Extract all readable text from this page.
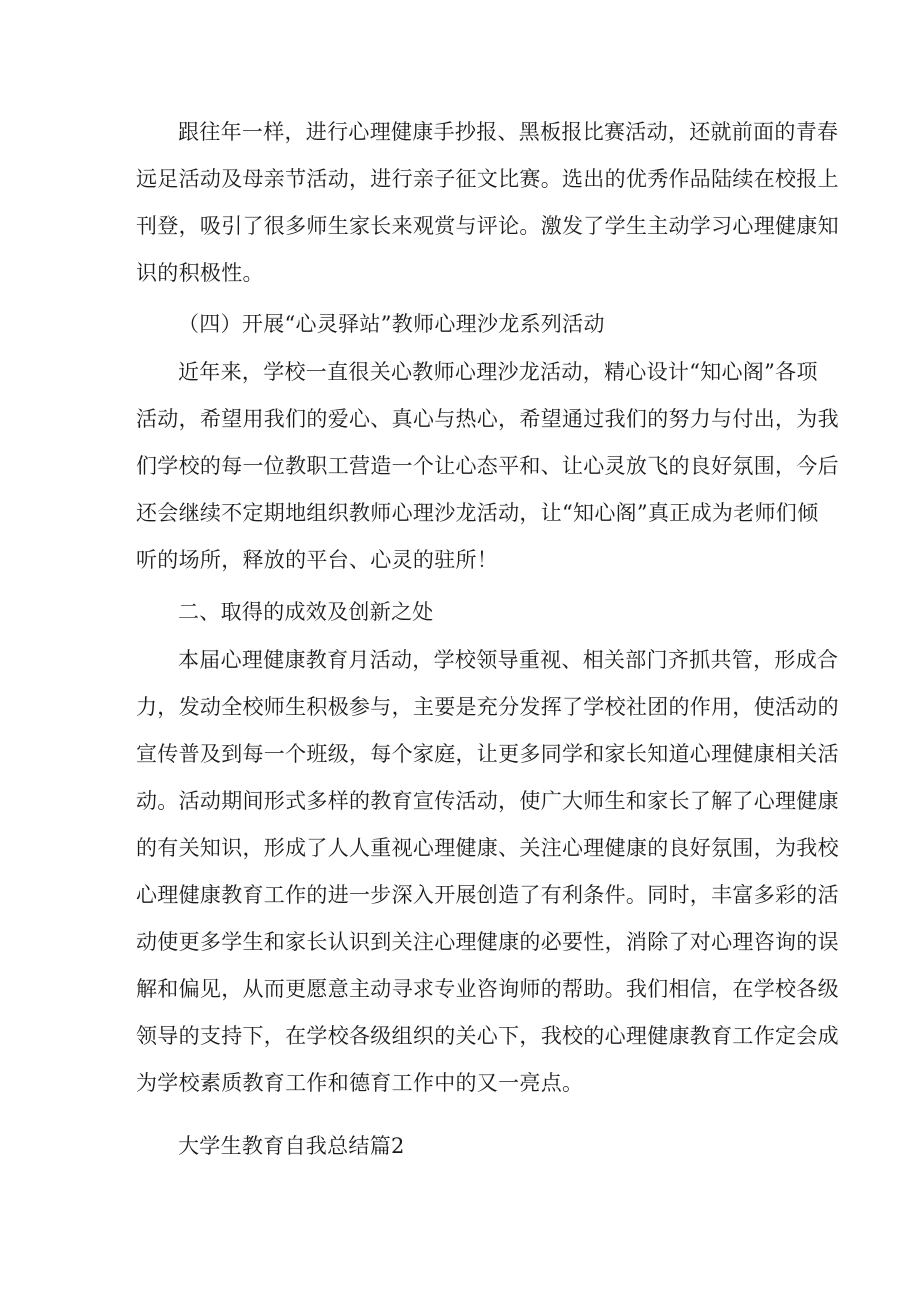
跟往年一样，进行心理健康手抄报、黑板报比赛活动，还就前面的青春
远足活动及母亲节活动，进行亲子征文比赛。选出的优秀作品陆续在校报上
刊登，吸引了很多师生家长来观赏与评论。激发了学生主动学习心理健康知
识的积极性。
（四）开展“心灵驿站”教师心理沙龙系列活动
近年来，学校一直很关心教师心理沙龙活动，精心设计“知心阁”各项
活动，希望用我们的爱心、真心与热心，希望通过我们的努力与付出，为我
们学校的每一位教职工营造一个让心态平和、让心灵放飞的良好氛围，今后
还会继续不定期地组织教师心理沙龙活动，让“知心阁”真正成为老师们倾
听的场所，释放的平台、心灵的驻所！
二、取得的成效及创新之处
本届心理健康教育月活动，学校领导重视、相关部门齐抓共管，形成合
力，发动全校师生积极参与，主要是充分发挥了学校社团的作用，使活动的
宣传普及到每一个班级，每个家庭，让更多同学和家长知道心理健康相关活
动。活动期间形式多样的教育宣传活动，使广大师生和家长了解了心理健康
的有关知识，形成了人人重视心理健康、关注心理健康的良好氛围，为我校
心理健康教育工作的进一步深入开展创造了有利条件。同时，丰富多彩的活
动使更多学生和家长认识到关注心理健康的必要性，消除了对心理咨询的误
解和偏见，从而更愿意主动寻求专业咨询师的帮助。我们相信，在学校各级
领导的支持下，在学校各级组织的关心下，我校的心理健康教育工作定会成
为学校素质教育工作和德育工作中的又一亮点。
大学生教育自我总结篇2
